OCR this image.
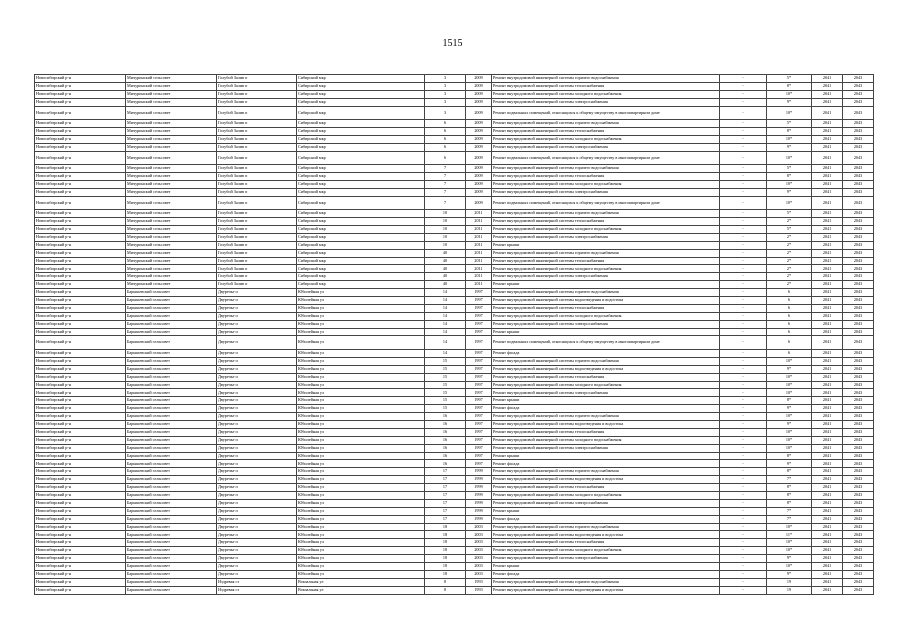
1515
Новосибирский р-н	Мичуринский сельсовет	Голубой Залив п	Сибирский мкр	3	2009	Ремонт внутридомовой инженерной системы горячего водоснабжения	-	5*	2041	2043
Новосибирский р-н	Мичуринский сельсовет	Голубой Залив п	Сибирский мкр	3	2009	Ремонт внутридомовой инженерной системы теплоснабжения	-	8*	2041	2043
Новосибирский р-н	Мичуринский сельсовет	Голубой Залив п	Сибирский мкр	3	2009	Ремонт внутридомовой инженерной системы холодного водоснабжения	-	10*	2041	2043
Новосибирский р-н	Мичуринский сельсовет	Голубой Залив п	Сибирский мкр	3	2009	Ремонт внутридомовой инженерной системы электроснабжения	-	9*	2041	2043
Новосибирский р-н	Мичуринский сельсовет	Голубой Залив п	Сибирский мкр	3	2009	Ремонт подвальных помещений, относящихся к общему имуществу в многоквартирном доме	-	10*	2041	2043
Новосибирский р-н	Мичуринский сельсовет	Голубой Залив п	Сибирский мкр	6	2009	Ремонт внутридомовой инженерной системы горячего водоснабжения	-	5*	2041	2043
Новосибирский р-н	Мичуринский сельсовет	Голубой Залив п	Сибирский мкр	6	2009	Ремонт внутридомовой инженерной системы теплоснабжения	-	8*	2041	2043
Новосибирский р-н	Мичуринский сельсовет	Голубой Залив п	Сибирский мкр	6	2009	Ремонт внутридомовой инженерной системы холодного водоснабжения	-	10*	2041	2043
Новосибирский р-н	Мичуринский сельсовет	Голубой Залив п	Сибирский мкр	6	2009	Ремонт внутридомовой инженерной системы электроснабжения	-	9*	2041	2043
Новосибирский р-н	Мичуринский сельсовет	Голубой Залив п	Сибирский мкр	6	2009	Ремонт подвальных помещений, относящихся к общему имуществу в многоквартирном доме	-	10*	2041	2043
Новосибирский р-н	Мичуринский сельсовет	Голубой Залив п	Сибирский мкр	7	2009	Ремонт внутридомовой инженерной системы горячего водоснабжения	-	5*	2041	2043
Новосибирский р-н	Мичуринский сельсовет	Голубой Залив п	Сибирский мкр	7	2009	Ремонт внутридомовой инженерной системы теплоснабжения	-	8*	2041	2043
Новосибирский р-н	Мичуринский сельсовет	Голубой Залив п	Сибирский мкр	7	2009	Ремонт внутридомовой инженерной системы холодного водоснабжения	-	10*	2041	2043
Новосибирский р-н	Мичуринский сельсовет	Голубой Залив п	Сибирский мкр	7	2009	Ремонт внутридомовой инженерной системы электроснабжения	-	9*	2041	2043
Новосибирский р-н	Мичуринский сельсовет	Голубой Залив п	Сибирский мкр	7	2009	Ремонт подвальных помещений, относящихся к общему имуществу в многоквартирном доме	-	10*	2041	2043
Новосибирский р-н	Мичуринский сельсовет	Голубой Залив п	Сибирский мкр	10	2011	Ремонт внутридомовой инженерной системы горячего водоснабжения	-	5*	2041	2043
Новосибирский р-н	Мичуринский сельсовет	Голубой Залив п	Сибирский мкр	10	2011	Ремонт внутридомовой инженерной системы теплоснабжения	-	2*	2041	2043
Новосибирский р-н	Мичуринский сельсовет	Голубой Залив п	Сибирский мкр	10	2011	Ремонт внутридомовой инженерной системы холодного водоснабжения	-	5*	2041	2043
Новосибирский р-н	Мичуринский сельсовет	Голубой Залив п	Сибирский мкр	10	2011	Ремонт внутридомовой инженерной системы электроснабжения	-	2*	2041	2043
Новосибирский р-н	Мичуринский сельсовет	Голубой Залив п	Сибирский мкр	10	2011	Ремонт крыши	-	2*	2041	2043
Новосибирский р-н	Мичуринский сельсовет	Голубой Залив п	Сибирский мкр	40	2011	Ремонт внутридомовой инженерной системы горячего водоснабжения	-	2*	2041	2043
Новосибирский р-н	Мичуринский сельсовет	Голубой Залив п	Сибирский мкр	40	2011	Ремонт внутридомовой инженерной системы теплоснабжения	-	2*	2041	2043
Новосибирский р-н	Мичуринский сельсовет	Голубой Залив п	Сибирский мкр	40	2011	Ремонт внутридомовой инженерной системы холодного водоснабжения	-	2*	2041	2043
Новосибирский р-н	Мичуринский сельсовет	Голубой Залив п	Сибирский мкр	40	2011	Ремонт внутридомовой инженерной системы электроснабжения	-	2*	2041	2043
Новосибирский р-н	Мичуринский сельсовет	Голубой Залив п	Сибирский мкр	40	2011	Ремонт крыши	-	2*	2041	2043
Новосибирский р-н	Барышевский сельсовет	Двуречье п	Юбилейная ул	14	1997	Ремонт внутридомовой инженерной системы горячего водоснабжения	-	6	2041	2043
Новосибирский р-н	Барышевский сельсовет	Двуречье п	Юбилейная ул	14	1997	Ремонт внутридомовой инженерной системы водоотведения и водостока	-	6	2041	2043
Новосибирский р-н	Барышевский сельсовет	Двуречье п	Юбилейная ул	14	1997	Ремонт внутридомовой инженерной системы теплоснабжения	-	6	2041	2043
Новосибирский р-н	Барышевский сельсовет	Двуречье п	Юбилейная ул	14	1997	Ремонт внутридомовой инженерной системы холодного водоснабжения	-	6	2041	2043
Новосибирский р-н	Барышевский сельсовет	Двуречье п	Юбилейная ул	14	1997	Ремонт внутридомовой инженерной системы электроснабжения	-	6	2041	2043
Новосибирский р-н	Барышевский сельсовет	Двуречье п	Юбилейная ул	14	1997	Ремонт крыши	-	6	2041	2043
Новосибирский р-н	Барышевский сельсовет	Двуречье п	Юбилейная ул	14	1997	Ремонт подвальных помещений, относящихся к общему имуществу в многоквартирном доме	-	6	2041	2043
Новосибирский р-н	Барышевский сельсовет	Двуречье п	Юбилейная ул	14	1997	Ремонт фасада	-	6	2041	2043
Новосибирский р-н	Барышевский сельсовет	Двуречье п	Юбилейная ул	15	1997	Ремонт внутридомовой инженерной системы горячего водоснабжения	-	10*	2041	2043
Новосибирский р-н	Барышевский сельсовет	Двуречье п	Юбилейная ул	15	1997	Ремонт внутридомовой инженерной системы водоотведения и водостока	-	9*	2041	2043
Новосибирский р-н	Барышевский сельсовет	Двуречье п	Юбилейная ул	15	1997	Ремонт внутридомовой инженерной системы теплоснабжения	-	10*	2041	2043
Новосибирский р-н	Барышевский сельсовет	Двуречье п	Юбилейная ул	15	1997	Ремонт внутридомовой инженерной системы холодного водоснабжения	-	10*	2041	2043
Новосибирский р-н	Барышевский сельсовет	Двуречье п	Юбилейная ул	15	1997	Ремонт внутридомовой инженерной системы электроснабжения	-	10*	2041	2043
Новосибирский р-н	Барышевский сельсовет	Двуречье п	Юбилейная ул	15	1997	Ремонт крыши	-	8*	2041	2043
Новосибирский р-н	Барышевский сельсовет	Двуречье п	Юбилейная ул	15	1997	Ремонт фасада	-	9*	2041	2043
Новосибирский р-н	Барышевский сельсовет	Двуречье п	Юбилейная ул	16	1997	Ремонт внутридомовой инженерной системы горячего водоснабжения	-	10*	2041	2043
Новосибирский р-н	Барышевский сельсовет	Двуречье п	Юбилейная ул	16	1997	Ремонт внутридомовой инженерной системы водоотведения и водостока	-	9*	2041	2043
Новосибирский р-н	Барышевский сельсовет	Двуречье п	Юбилейная ул	16	1997	Ремонт внутридомовой инженерной системы теплоснабжения	-	10*	2041	2043
Новосибирский р-н	Барышевский сельсовет	Двуречье п	Юбилейная ул	16	1997	Ремонт внутридомовой инженерной системы холодного водоснабжения	-	10*	2041	2043
Новосибирский р-н	Барышевский сельсовет	Двуречье п	Юбилейная ул	16	1997	Ремонт внутридомовой инженерной системы электроснабжения	-	10*	2041	2043
Новосибирский р-н	Барышевский сельсовет	Двуречье п	Юбилейная ул	16	1997	Ремонт крыши	-	8*	2041	2043
Новосибирский р-н	Барышевский сельсовет	Двуречье п	Юбилейная ул	16	1997	Ремонт фасада	-	9*	2041	2043
Новосибирский р-н	Барышевский сельсовет	Двуречье п	Юбилейная ул	17	1999	Ремонт внутридомовой инженерной системы горячего водоснабжения	-	8*	2041	2043
Новосибирский р-н	Барышевский сельсовет	Двуречье п	Юбилейная ул	17	1999	Ремонт внутридомовой инженерной системы водоотведения и водостока	-	7*	2041	2043
Новосибирский р-н	Барышевский сельсовет	Двуречье п	Юбилейная ул	17	1999	Ремонт внутридомовой инженерной системы теплоснабжения	-	8*	2041	2043
Новосибирский р-н	Барышевский сельсовет	Двуречье п	Юбилейная ул	17	1999	Ремонт внутридомовой инженерной системы холодного водоснабжения	-	8*	2041	2043
Новосибирский р-н	Барышевский сельсовет	Двуречье п	Юбилейная ул	17	1999	Ремонт внутридомовой инженерной системы электроснабжения	-	8*	2041	2043
Новосибирский р-н	Барышевский сельсовет	Двуречье п	Юбилейная ул	17	1999	Ремонт крыши	-	7*	2041	2043
Новосибирский р-н	Барышевский сельсовет	Двуречье п	Юбилейная ул	17	1999	Ремонт фасада	-	7*	2041	2043
Новосибирский р-н	Барышевский сельсовет	Двуречье п	Юбилейная ул	18	2003	Ремонт внутридомовой инженерной системы горячего водоснабжения	-	10*	2041	2043
Новосибирский р-н	Барышевский сельсовет	Двуречье п	Юбилейная ул	18	2003	Ремонт внутридомовой инженерной системы водоотведения и водостока	-	11*	2041	2043
Новосибирский р-н	Барышевский сельсовет	Двуречье п	Юбилейная ул	18	2003	Ремонт внутридомовой инженерной системы теплоснабжения	-	10*	2041	2043
Новосибирский р-н	Барышевский сельсовет	Двуречье п	Юбилейная ул	18	2003	Ремонт внутридомовой инженерной системы холодного водоснабжения	-	10*	2041	2043
Новосибирский р-н	Барышевский сельсовет	Двуречье п	Юбилейная ул	18	2003	Ремонт внутридомовой инженерной системы электроснабжения	-	9*	2041	2043
Новосибирский р-н	Барышевский сельсовет	Двуречье п	Юбилейная ул	18	2003	Ремонт крыши	-	10*	2041	2043
Новосибирский р-н	Барышевский сельсовет	Двуречье п	Юбилейная ул	18	2003	Ремонт фасада	-	9*	2041	2043
Новосибирский р-н	Барышевский сельсовет	Издревая ст	Вокзальная ул	8	1993	Ремонт внутридомовой инженерной системы горячего водоснабжения	-	19	2041	2043
Новосибирский р-н	Барышевский сельсовет	Издревая ст	Вокзальная ул	8	1993	Ремонт внутридомовой инженерной системы водоотведения и водостока	-	19	2041	2043
